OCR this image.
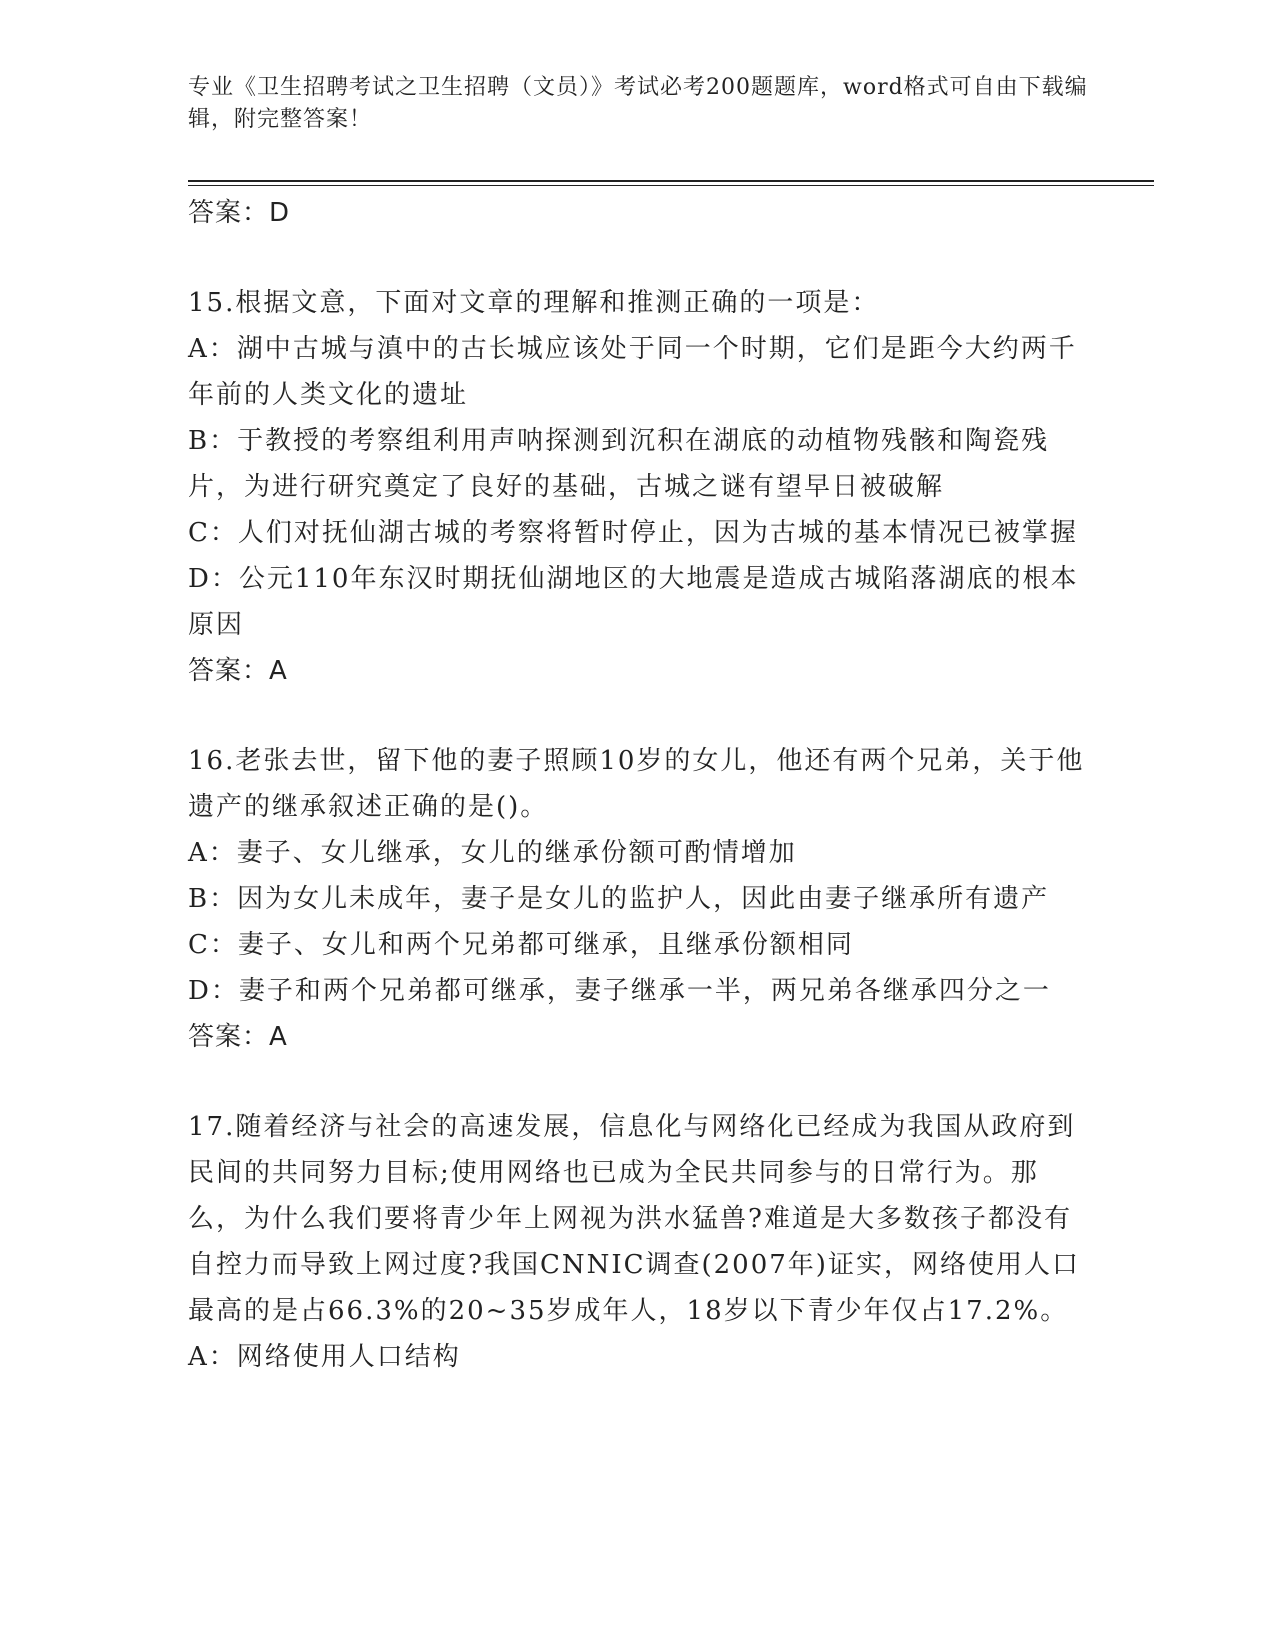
专业《卫生招聘考试之卫生招聘（文员）》考试必考200题题库，word格式可自由下载编辑，附完整答案！

答案：D

15.根据文意，下面对文章的理解和推测正确的一项是：

A：湖中古城与滇中的古长城应该处于同一个时期，它们是距今大约两千年前的人类文化的遗址

B：于教授的考察组利用声呐探测到沉积在湖底的动植物残骸和陶瓷残片，为进行研究奠定了良好的基础，古城之谜有望早日被破解

C：人们对抚仙湖古城的考察将暂时停止，因为古城的基本情况已被掌握

D：公元110年东汉时期抚仙湖地区的大地震是造成古城陷落湖底的根本原因

答案：A

16.老张去世，留下他的妻子照顾10岁的女儿，他还有两个兄弟，关于他遗产的继承叙述正确的是()。

A：妻子、女儿继承，女儿的继承份额可酌情增加

B：因为女儿未成年，妻子是女儿的监护人，因此由妻子继承所有遗产

C：妻子、女儿和两个兄弟都可继承，且继承份额相同

D：妻子和两个兄弟都可继承，妻子继承一半，两兄弟各继承四分之一

答案：A

17.随着经济与社会的高速发展，信息化与网络化已经成为我国从政府到民间的共同努力目标;使用网络也已成为全民共同参与的日常行为。那么，为什么我们要将青少年上网视为洪水猛兽?难道是大多数孩子都没有自控力而导致上网过度?我国CNNIC调查(2007年)证实，网络使用人口最高的是占66.3%的20~35岁成年人，18岁以下青少年仅占17.2%。

A：网络使用人口结构
